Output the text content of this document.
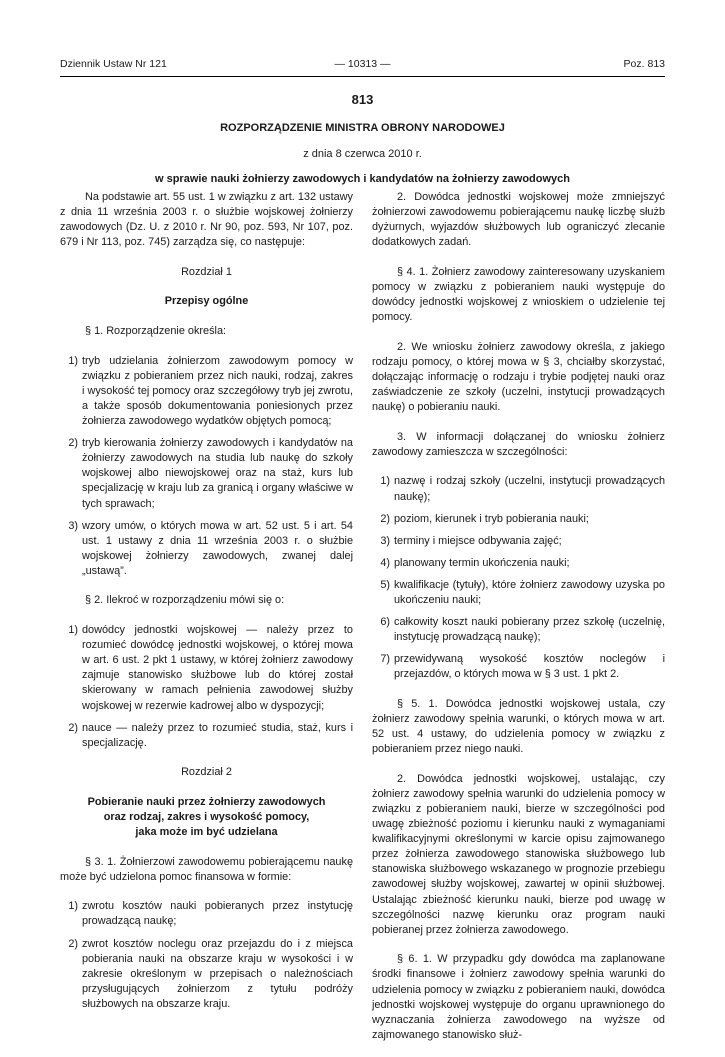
Dziennik Ustaw Nr 121	— 10313 —	Poz. 813
813
ROZPORZĄDZENIE MINISTRA OBRONY NARODOWEJ
z dnia 8 czerwca 2010 r.
w sprawie nauki żołnierzy zawodowych i kandydatów na żołnierzy zawodowych

Na podstawie art. 55 ust. 1 w związku z art. 132 ustawy z dnia 11 września 2003 r. o służbie wojskowej żołnierzy zawodowych (Dz. U. z 2010 r. Nr 90, poz. 593, Nr 107, poz. 679 i Nr 113, poz. 745) zarządza się, co następuje:

Rozdział 1

Przepisy ogólne

§ 1. Rozporządzenie określa:

1) tryb udzielania żołnierzom zawodowym pomocy w związku z pobieraniem przez nich nauki, rodzaj, zakres i wysokość tej pomocy oraz szczegółowy tryb jej zwrotu, a także sposób dokumentowania poniesionych przez żołnierza zawodowego wydatków objętych pomocą;
2) tryb kierowania żołnierzy zawodowych i kandydatów na żołnierzy zawodowych na studia lub naukę do szkoły wojskowej albo niewojskowej oraz na staż, kurs lub specjalizację w kraju lub za granicą i organy właściwe w tych sprawach;
3) wzory umów, o których mowa w art. 52 ust. 5 i art. 54 ust. 1 ustawy z dnia 11 września 2003 r. o służbie wojskowej żołnierzy zawodowych, zwanej dalej „ustawą”.

§ 2. Ilekroć w rozporządzeniu mówi się o:

1) dowódcy jednostki wojskowej — należy przez to rozumieć dowódcę jednostki wojskowej, o której mowa w art. 6 ust. 2 pkt 1 ustawy, w której żołnierz zawodowy zajmuje stanowisko służbowe lub do której został skierowany w ramach pełnienia zawodowej służby wojskowej w rezerwie kadrowej albo w dyspozycji;
2) nauce — należy przez to rozumieć studia, staż, kurs i specjalizację.

Rozdział 2

Pobieranie nauki przez żołnierzy zawodowych
oraz rodzaj, zakres i wysokość pomocy,
jaka może im być udzielana

§ 3. 1. Żołnierzowi zawodowemu pobierającemu naukę może być udzielona pomoc finansowa w formie:

1) zwrotu kosztów nauki pobieranych przez instytucję prowadzącą naukę;
2) zwrot kosztów noclegu oraz przejazdu do i z miejsca pobierania nauki na obszarze kraju w wysokości i w zakresie określonym w przepisach o należnościach przysługujących żołnierzom z tytułu podróży służbowych na obszarze kraju.

2. Dowódca jednostki wojskowej może zmniejszyć żołnierzowi zawodowemu pobierającemu naukę liczbę służb dyżurnych, wyjazdów służbowych lub ograniczyć zlecanie dodatkowych zadań.

§ 4. 1. Żołnierz zawodowy zainteresowany uzyskaniem pomocy w związku z pobieraniem nauki występuje do dowódcy jednostki wojskowej z wnioskiem o udzielenie tej pomocy.

2. We wniosku żołnierz zawodowy określa, z jakiego rodzaju pomocy, o której mowa w § 3, chciałby skorzystać, dołączając informację o rodzaju i trybie podjętej nauki oraz zaświadczenie ze szkoły (uczelni, instytucji prowadzących naukę) o pobieraniu nauki.

3. W informacji dołączanej do wniosku żołnierz zawodowy zamieszcza w szczególności:

1) nazwę i rodzaj szkoły (uczelni, instytucji prowadzących naukę);
2) poziom, kierunek i tryb pobierania nauki;
3) terminy i miejsce odbywania zajęć;
4) planowany termin ukończenia nauki;
5) kwalifikacje (tytuły), które żołnierz zawodowy uzyska po ukończeniu nauki;
6) całkowity koszt nauki pobierany przez szkołę (uczelnię, instytucję prowadzącą naukę);
7) przewidywaną wysokość kosztów noclegów i przejazdów, o których mowa w § 3 ust. 1 pkt 2.

§ 5. 1. Dowódca jednostki wojskowej ustala, czy żołnierz zawodowy spełnia warunki, o których mowa w art. 52 ust. 4 ustawy, do udzielenia pomocy w związku z pobieraniem przez niego nauki.

2. Dowódca jednostki wojskowej, ustalając, czy żołnierz zawodowy spełnia warunki do udzielenia pomocy w związku z pobieraniem nauki, bierze w szczególności pod uwagę zbieżność poziomu i kierunku nauki z wymaganiami kwalifikacyjnymi określonymi w karcie opisu zajmowanego przez żołnierza zawodowego stanowiska służbowego lub stanowiska służbowego wskazanego w prognozie przebiegu zawodowej służby wojskowej, zawartej w opinii służbowej. Ustalając zbieżność kierunku nauki, bierze pod uwagę w szczególności nazwę kierunku oraz program nauki pobieranej przez żołnierza zawodowego.

§ 6. 1. W przypadku gdy dowódca ma zaplanowane środki finansowe i żołnierz zawodowy spełnia warunki do udzielenia pomocy w związku z pobieraniem nauki, dowódca jednostki wojskowej występuje do organu uprawnionego do wyznaczania żołnierza zawodowego na wyższe od zajmowanego stanowisko służ-
